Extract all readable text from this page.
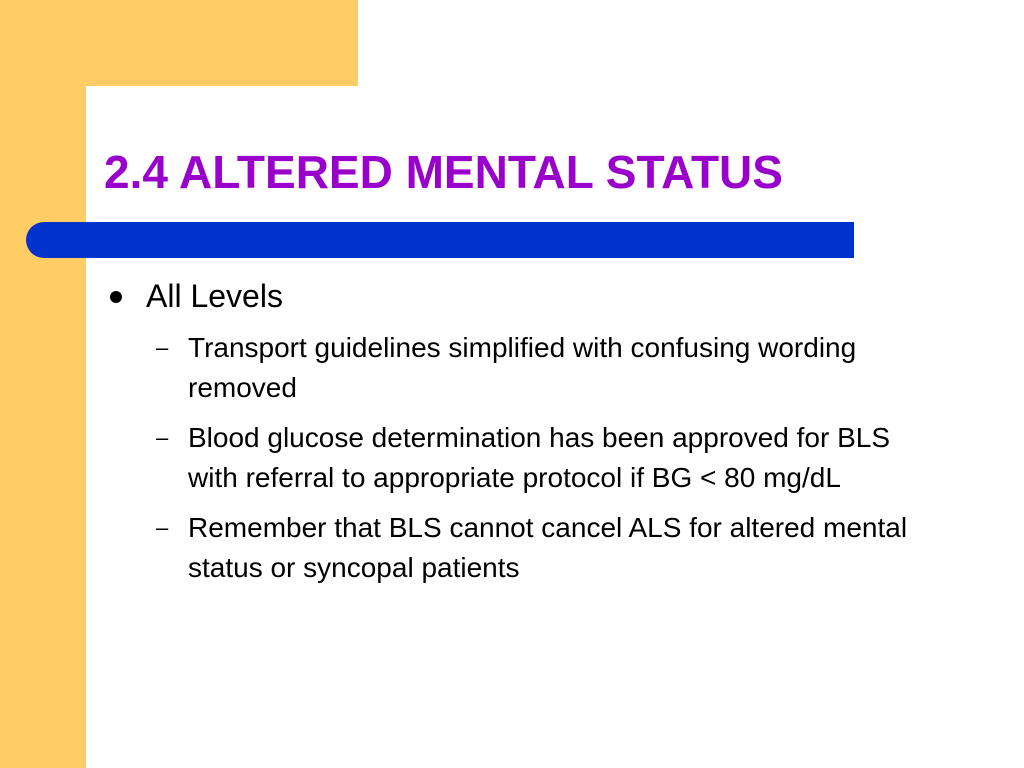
2.4 ALTERED MENTAL STATUS
All Levels
– Transport guidelines simplified with confusing wording removed
– Blood glucose determination has been approved for BLS with referral to appropriate protocol if BG < 80 mg/dL
– Remember that BLS cannot cancel ALS for altered mental status or syncopal patients
